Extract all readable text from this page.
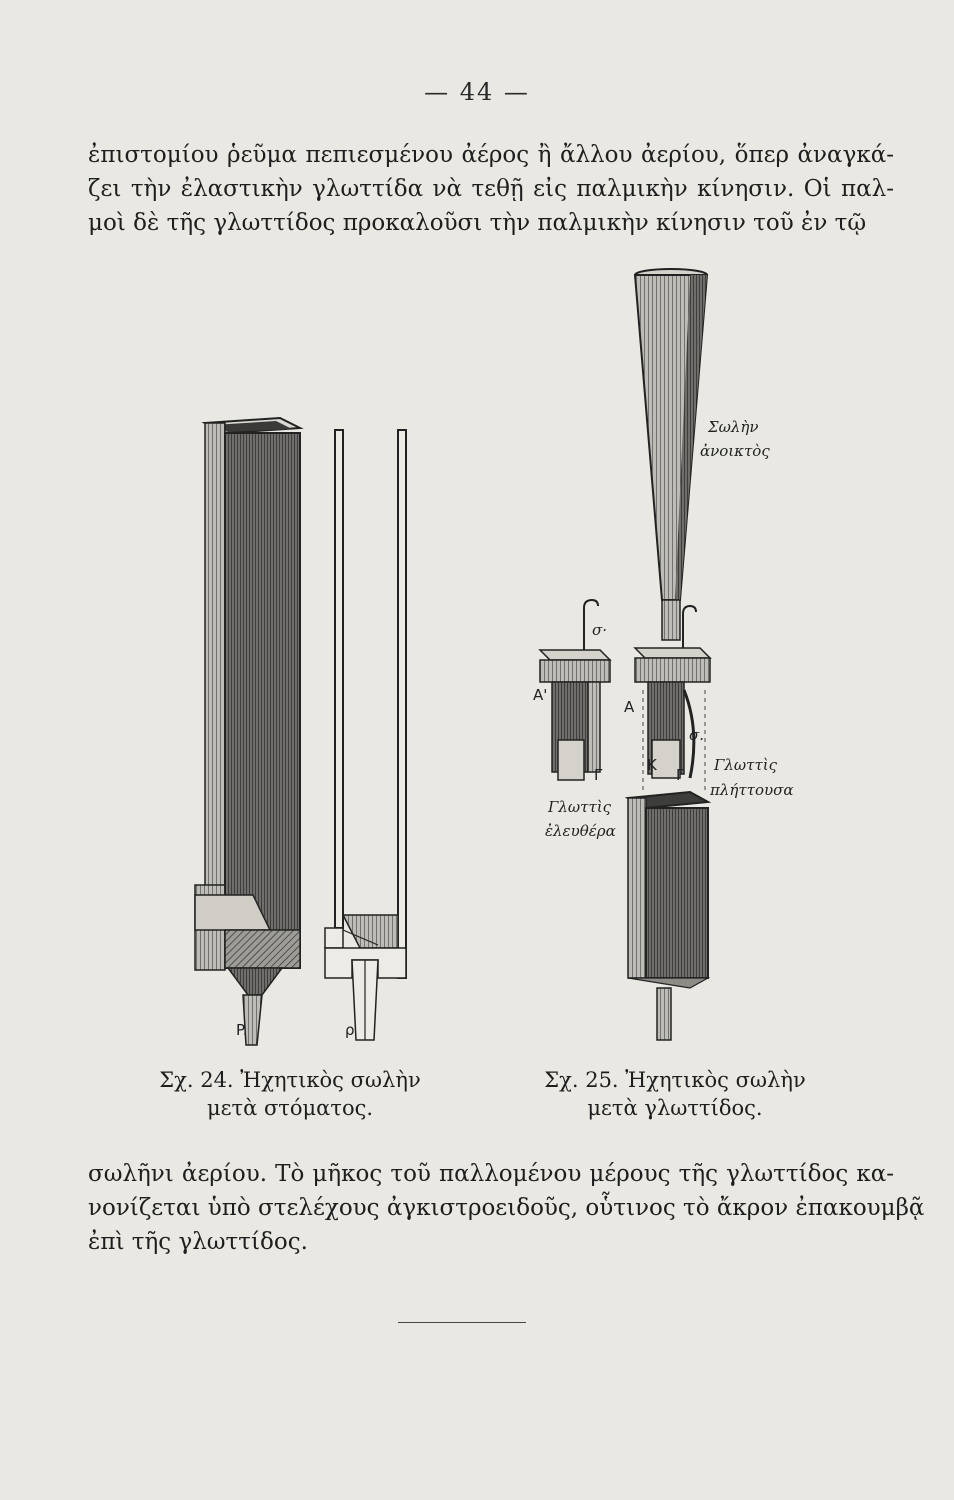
— 44 —

ἐπιστομίου ῥεῦμα πεπιεσμένου ἀέρος ἢ ἄλλου ἀερίου, ὅπερ ἀναγκά-
ζει τὴν ἐλαστικὴν γλωττίδα νὰ τεθῇ εἰς παλμικὴν κίνησιν. Οἱ παλ-
μοὶ δὲ τῆς γλωττίδος προκαλοῦσι τὴν παλμικὴν κίνησιν τοῦ ἐν τῷ

P.	ρ
Σωλὴν
ἀνοικτὸς
σ·
Α'
Γ
Γλωττὶς
ἐλευθέρα
Α
σ.
Γ
Κ	Γλωττὶς
πλήττουσα
Σχ. 24. Ἠχητικὸς σωλὴν
μετὰ στόματος.
Σχ. 25. Ἠχητικὸς σωλὴν
μετὰ γλωττίδος.

σωλῆνι ἀερίου. Τὸ μῆκος τοῦ παλλομένου μέρους τῆς γλωττίδος κα-
νονίζεται ὑπὸ στελέχους ἀγκιστροειδοῦς, οὗτινος τὸ ἄκρον ἐπακουμβᾷ
ἐπὶ τῆς γλωττίδος.
